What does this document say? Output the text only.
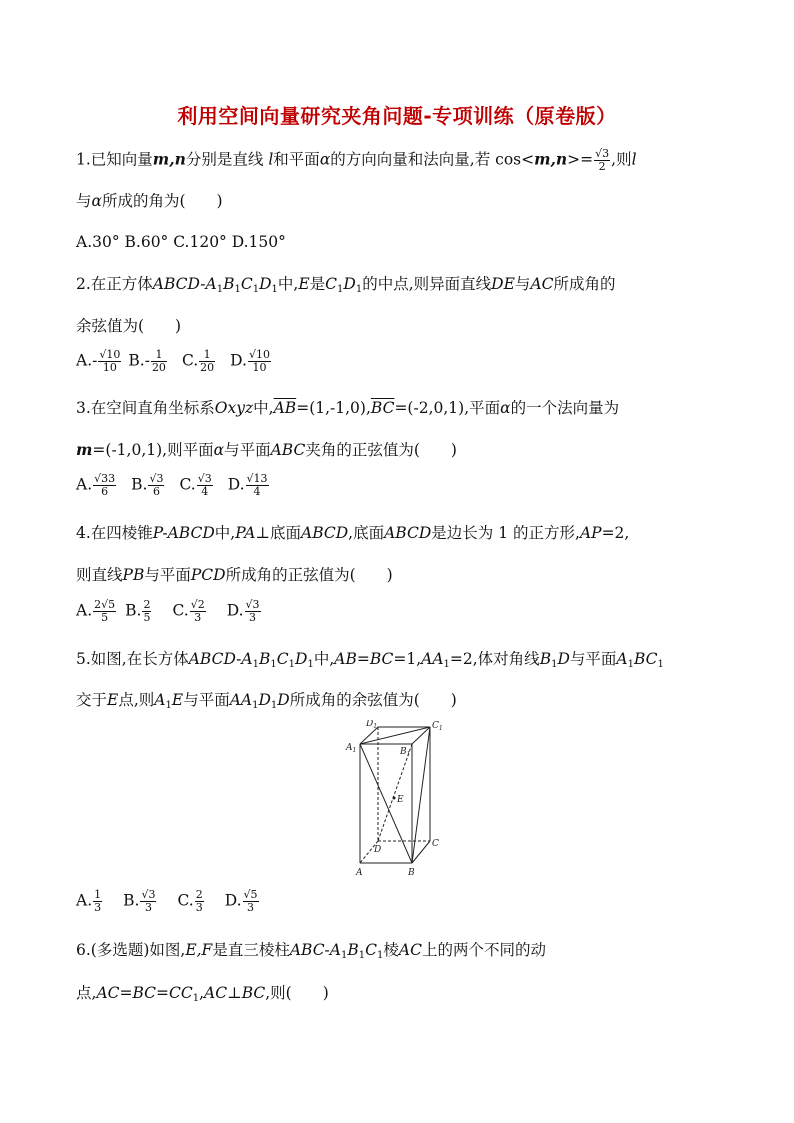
利用空间向量研究夹角问题-专项训练（原卷版）
1.已知向量m,n分别是直线 l和平面α的方向向量和法向量,若 $\cos<m,n>= \frac{√3}{2}$ ,则l
与α所成的角为(　　)
A.30° B.60° C.120° D.150°
2.在正方体ABCD-$A_1B_1C_1D_1$中,E是$C_1D_1$的中点,则异面直线DE与AC所成角的
余弦值为(　　)
$A.- \frac{√10}{10} B.- \frac{1}{20} C$. $\frac{1}{20} D$. $\frac{√10}{10}$
3.在空间直角坐标系Oxyz中$,\overline{AB}=(1,-1,0),\overline{BC}=(-2,0,1)$,平面α的一个法向量为
m=(-1,0,1),则平面α与平面ABC夹角的正弦值为(　　)
A. $\frac{√33}{6} B$. $\frac{√3}{6} C$. $\frac{√3}{4} D$. $\frac{√13}{4}$
4.在四棱锥P-ABCD中,PA⊥底面ABCD,底面ABCD是边长为 1 的正方形,AP=2,
则直线PB与平面PCD所成角的正弦值为(　　)
A. $\frac{2√5}{5} B$. $\frac{2}{5} C$. $\frac{√2}{3} D$. $\frac{√3}{3}$
5.如图,在长方体ABCD-$A_1B_1C_1D_1$中$,AB=BC=1,AA_1=2$,体对角线$B_1D$与平面$A_1BC_1$
交于E点,则$A_1E$与平面$AA_1D_1D$所成角的余弦值为(　　)
$D_1$	$C_1$
$A_1$	$B_1$
E
D
C
A	B
A. $\frac{1}{3} B$. $\frac{√3}{3} C$. $\frac{2}{3} D$. $\frac{√5}{3}$
6.(多选题)如图,E,F是直三棱柱ABC-$A_1B_1C_1$棱AC上的两个不同的动
点$,AC=BC=CC_1,AC\perp BC$,则(　　)
